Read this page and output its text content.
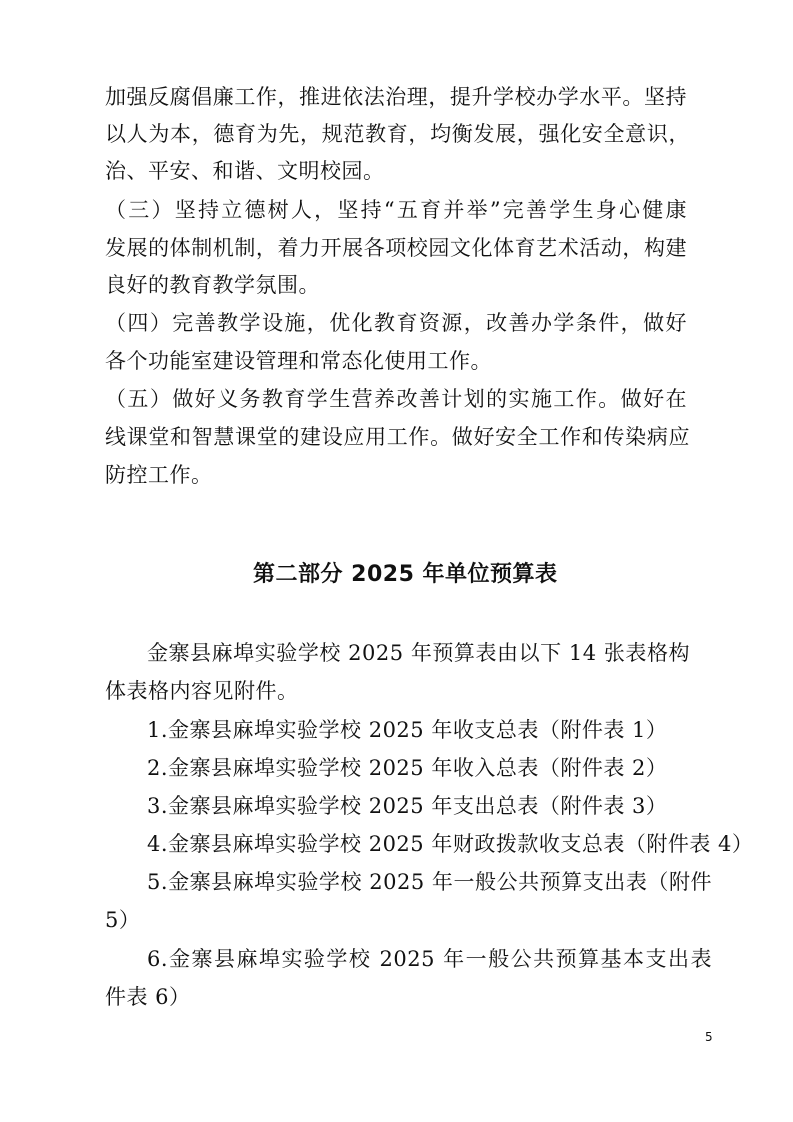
加强反腐倡廉工作，推进依法治理，提升学校办学水平。坚持
以人为本，德育为先，规范教育，均衡发展，强化安全意识，
治、平安、和谐、文明校园。
（三）坚持立德树人，坚持“五育并举”完善学生身心健康
发展的体制机制，着力开展各项校园文化体育艺术活动，构建
良好的教育教学氛围。
（四）完善教学设施，优化教育资源，改善办学条件，做好
各个功能室建设管理和常态化使用工作。
（五）做好义务教育学生营养改善计划的实施工作。做好在
线课堂和智慧课堂的建设应用工作。做好安全工作和传染病应
防控工作。
第二部分 2025 年单位预算表
金寨县麻埠实验学校 2025 年预算表由以下 14 张表格构
体表格内容见附件。
1.金寨县麻埠实验学校 2025 年收支总表（附件表 1）
2.金寨县麻埠实验学校 2025 年收入总表（附件表 2）
3.金寨县麻埠实验学校 2025 年支出总表（附件表 3）
4.金寨县麻埠实验学校 2025 年财政拨款收支总表（附件表 4）
5.金寨县麻埠实验学校 2025 年一般公共预算支出表（附件
5）
6.金寨县麻埠实验学校 2025 年一般公共预算基本支出表
件表 6）
5
